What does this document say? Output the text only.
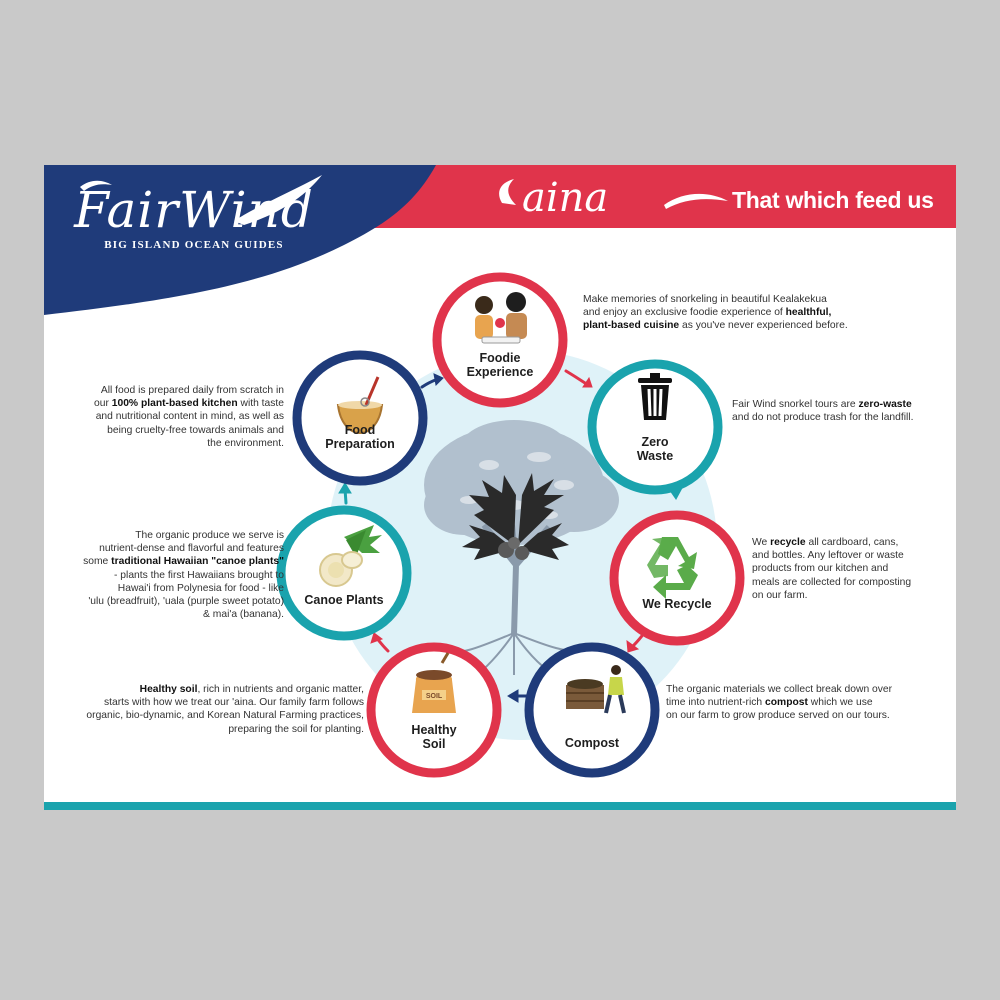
SOIL
FairWind
BIG ISLAND OCEAN GUIDES
aina	That which feed us
Foodie
Experience
Zero
Waste
We Recycle
Compost
Healthy
Soil
Canoe Plants
Food
Preparation
Make memories of snorkeling in beautiful Kealakekua
and enjoy an exclusive foodie experience of healthful,
plant-based cuisine as you've never experienced before.
Fair Wind snorkel tours are zero-waste
and do not produce trash for the landfill.
We recycle all cardboard, cans,
and bottles. Any leftover or waste
products from our kitchen and
meals are collected for composting
on our farm.
The organic materials we collect break down over
time into nutrient-rich compost which we use
on our farm to grow produce served on our tours.
Healthy soil, rich in nutrients and organic matter,
starts with how we treat our 'aina. Our family farm follows
organic, bio-dynamic, and Korean Natural Farming practices,
preparing the soil for planting.
The organic produce we serve is
nutrient-dense and flavorful and features
some traditional Hawaiian "canoe plants"
- plants the first Hawaiians brought to
Hawai'i from Polynesia for food - like
'ulu (breadfruit), 'uala (purple sweet potato)
& mai'a (banana).
All food is prepared daily from scratch in
our 100% plant-based kitchen with taste
and nutritional content in mind, as well as
being cruelty-free towards animals and
the environment.
